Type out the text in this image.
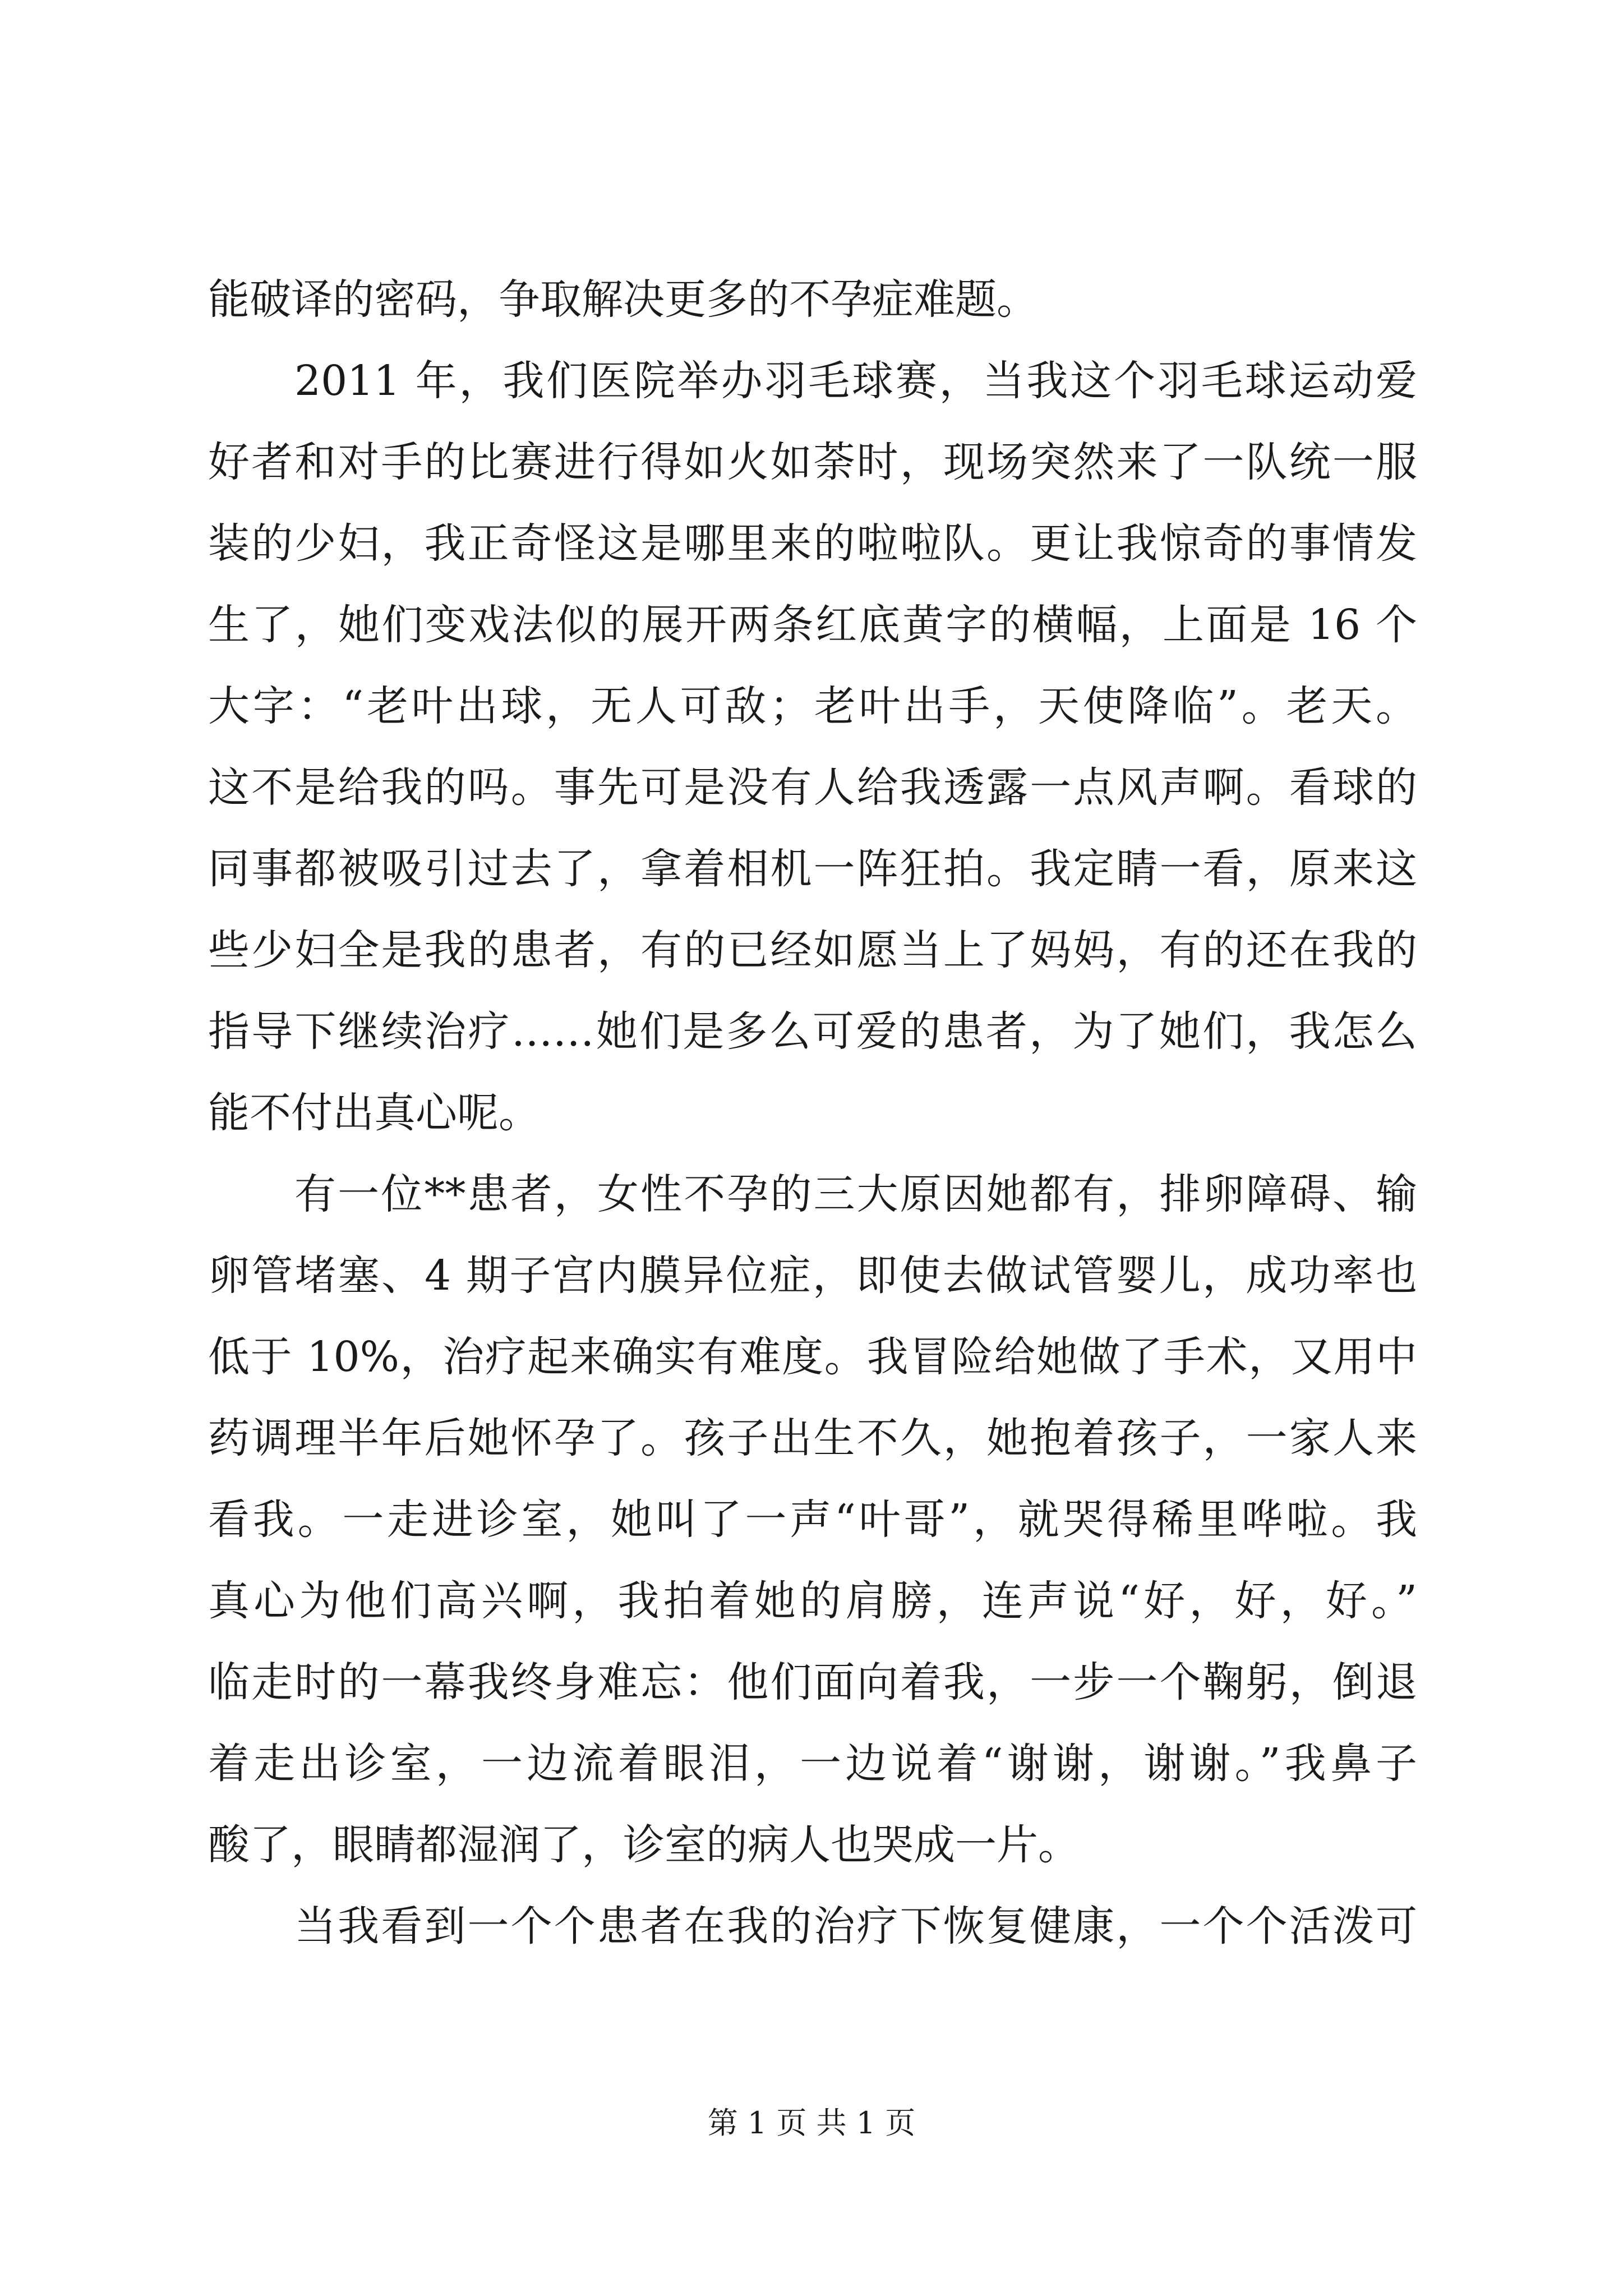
能破译的密码，争取解决更多的不孕症难题。
2011 年，我们医院举办羽毛球赛，当我这个羽毛球运动爱
好者和对手的比赛进行得如火如荼时，现场突然来了一队统一服
装的少妇，我正奇怪这是哪里来的啦啦队。更让我惊奇的事情发
生了，她们变戏法似的展开两条红底黄字的横幅，上面是 16 个
大字：“老叶出球，无人可敌；老叶出手，天使降临”。老天。
这不是给我的吗。事先可是没有人给我透露一点风声啊。看球的
同事都被吸引过去了，拿着相机一阵狂拍。我定睛一看，原来这
些少妇全是我的患者，有的已经如愿当上了妈妈，有的还在我的
指导下继续治疗……她们是多么可爱的患者，为了她们，我怎么
能不付出真心呢。
有一位**患者，女性不孕的三大原因她都有，排卵障碍、输
卵管堵塞、4 期子宫内膜异位症，即使去做试管婴儿，成功率也
低于 10%，治疗起来确实有难度。我冒险给她做了手术，又用中
药调理半年后她怀孕了。孩子出生不久，她抱着孩子，一家人来
看我。一走进诊室，她叫了一声“叶哥”，就哭得稀里哗啦。我
真心为他们高兴啊，我拍着她的肩膀，连声说“好，好，好。”
临走时的一幕我终身难忘：他们面向着我，一步一个鞠躬，倒退
着走出诊室，一边流着眼泪，一边说着“谢谢，谢谢。”我鼻子
酸了，眼睛都湿润了，诊室的病人也哭成一片。
当我看到一个个患者在我的治疗下恢复健康，一个个活泼可
第 1 页 共 1 页
